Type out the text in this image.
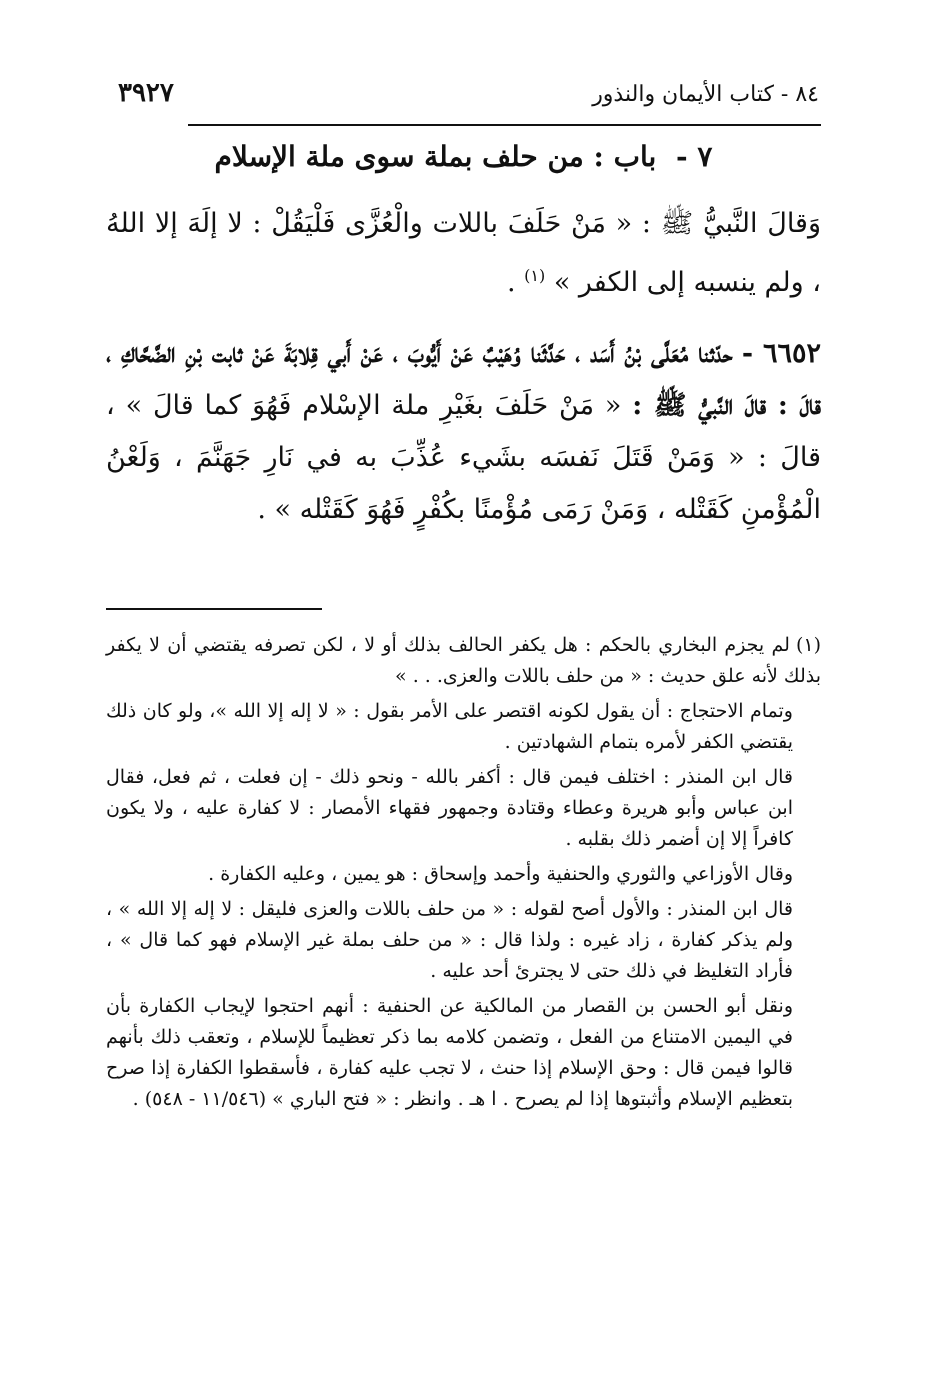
٨٤ - كتاب الأيمان والنذور
٣٩٢٧
٧ - باب : من حلف بملة سوى ملة الإسلام
وَقالَ النَّبيُّ ﷺ : « مَنْ حَلَفَ باللات والْعُزَّى فَلْيَقُلْ : لا إلَهَ إلا اللهُ ، ولم ينسبه إلى الكفر » $^{(١)}$ .
٦٦٥٢ - حدّثنا مُعَلَّى بْنُ أَسَد ، حَدَّثَنا وُهَيْبٌ عَنْ أَيُّوبَ ، عَنْ أَبي قِلابَةَ عَنْ ثابت بْنِ الضَّحَّاكِ ، قالَ : قالَ النَّبيُّ ﷺ : « مَنْ حَلَفَ بغَيْرِ ملة الإسْلام فَهُوَ كما قالَ » ، قالَ : « وَمَنْ قَتَلَ نَفسَه بشَيء عُذِّبَ به في نَارِ جَهَنَّمَ ، وَلَعْنُ الْمُؤْمنِ كَقَتْله ، وَمَنْ رَمَى مُؤْمنًا بكُفْرٍ فَهُوَ كَقَتْله » .

(١)لم يجزم البخاري بالحكم : هل يكفر الحالف بذلك أو لا ، لكن تصرفه يقتضي أن لا يكفر بذلك لأنه علق حديث : « من حلف باللات والعزى. . . »

وتمام الاحتجاج : أن يقول لكونه اقتصر على الأمر بقول : « لا إله إلا الله »، ولو كان ذلك يقتضي الكفر لأمره بتمام الشهادتين .

قال ابن المنذر : اختلف فيمن قال : أكفر بالله - ونحو ذلك - إن فعلت ، ثم فعل، فقال ابن عباس وأبو هريرة وعطاء وقتادة وجمهور فقهاء الأمصار : لا كفارة عليه ، ولا يكون كافراً إلا إن أضمر ذلك بقلبه .

وقال الأوزاعي والثوري والحنفية وأحمد وإسحاق : هو يمين ، وعليه الكفارة .

قال ابن المنذر : والأول أصح لقوله : « من حلف باللات والعزى فليقل : لا إله إلا الله » ، ولم يذكر كفارة ، زاد غيره : ولذا قال : « من حلف بملة غير الإسلام فهو كما قال » ، فأراد التغليظ في ذلك حتى لا يجترئ أحد عليه .

ونقل أبو الحسن بن القصار من المالكية عن الحنفية : أنهم احتجوا لإيجاب الكفارة بأن في اليمين الامتناع من الفعل ، وتضمن كلامه بما ذكر تعظيماً للإسلام ، وتعقب ذلك بأنهم قالوا فيمن قال : وحق الإسلام إذا حنث ، لا تجب عليه كفارة ، فأسقطوا الكفارة إذا صرح بتعظيم الإسلام وأثبتوها إذا لم يصرح . ا هـ . وانظر : « فتح الباري » (١١/٥٤٦ - ٥٤٨) .
